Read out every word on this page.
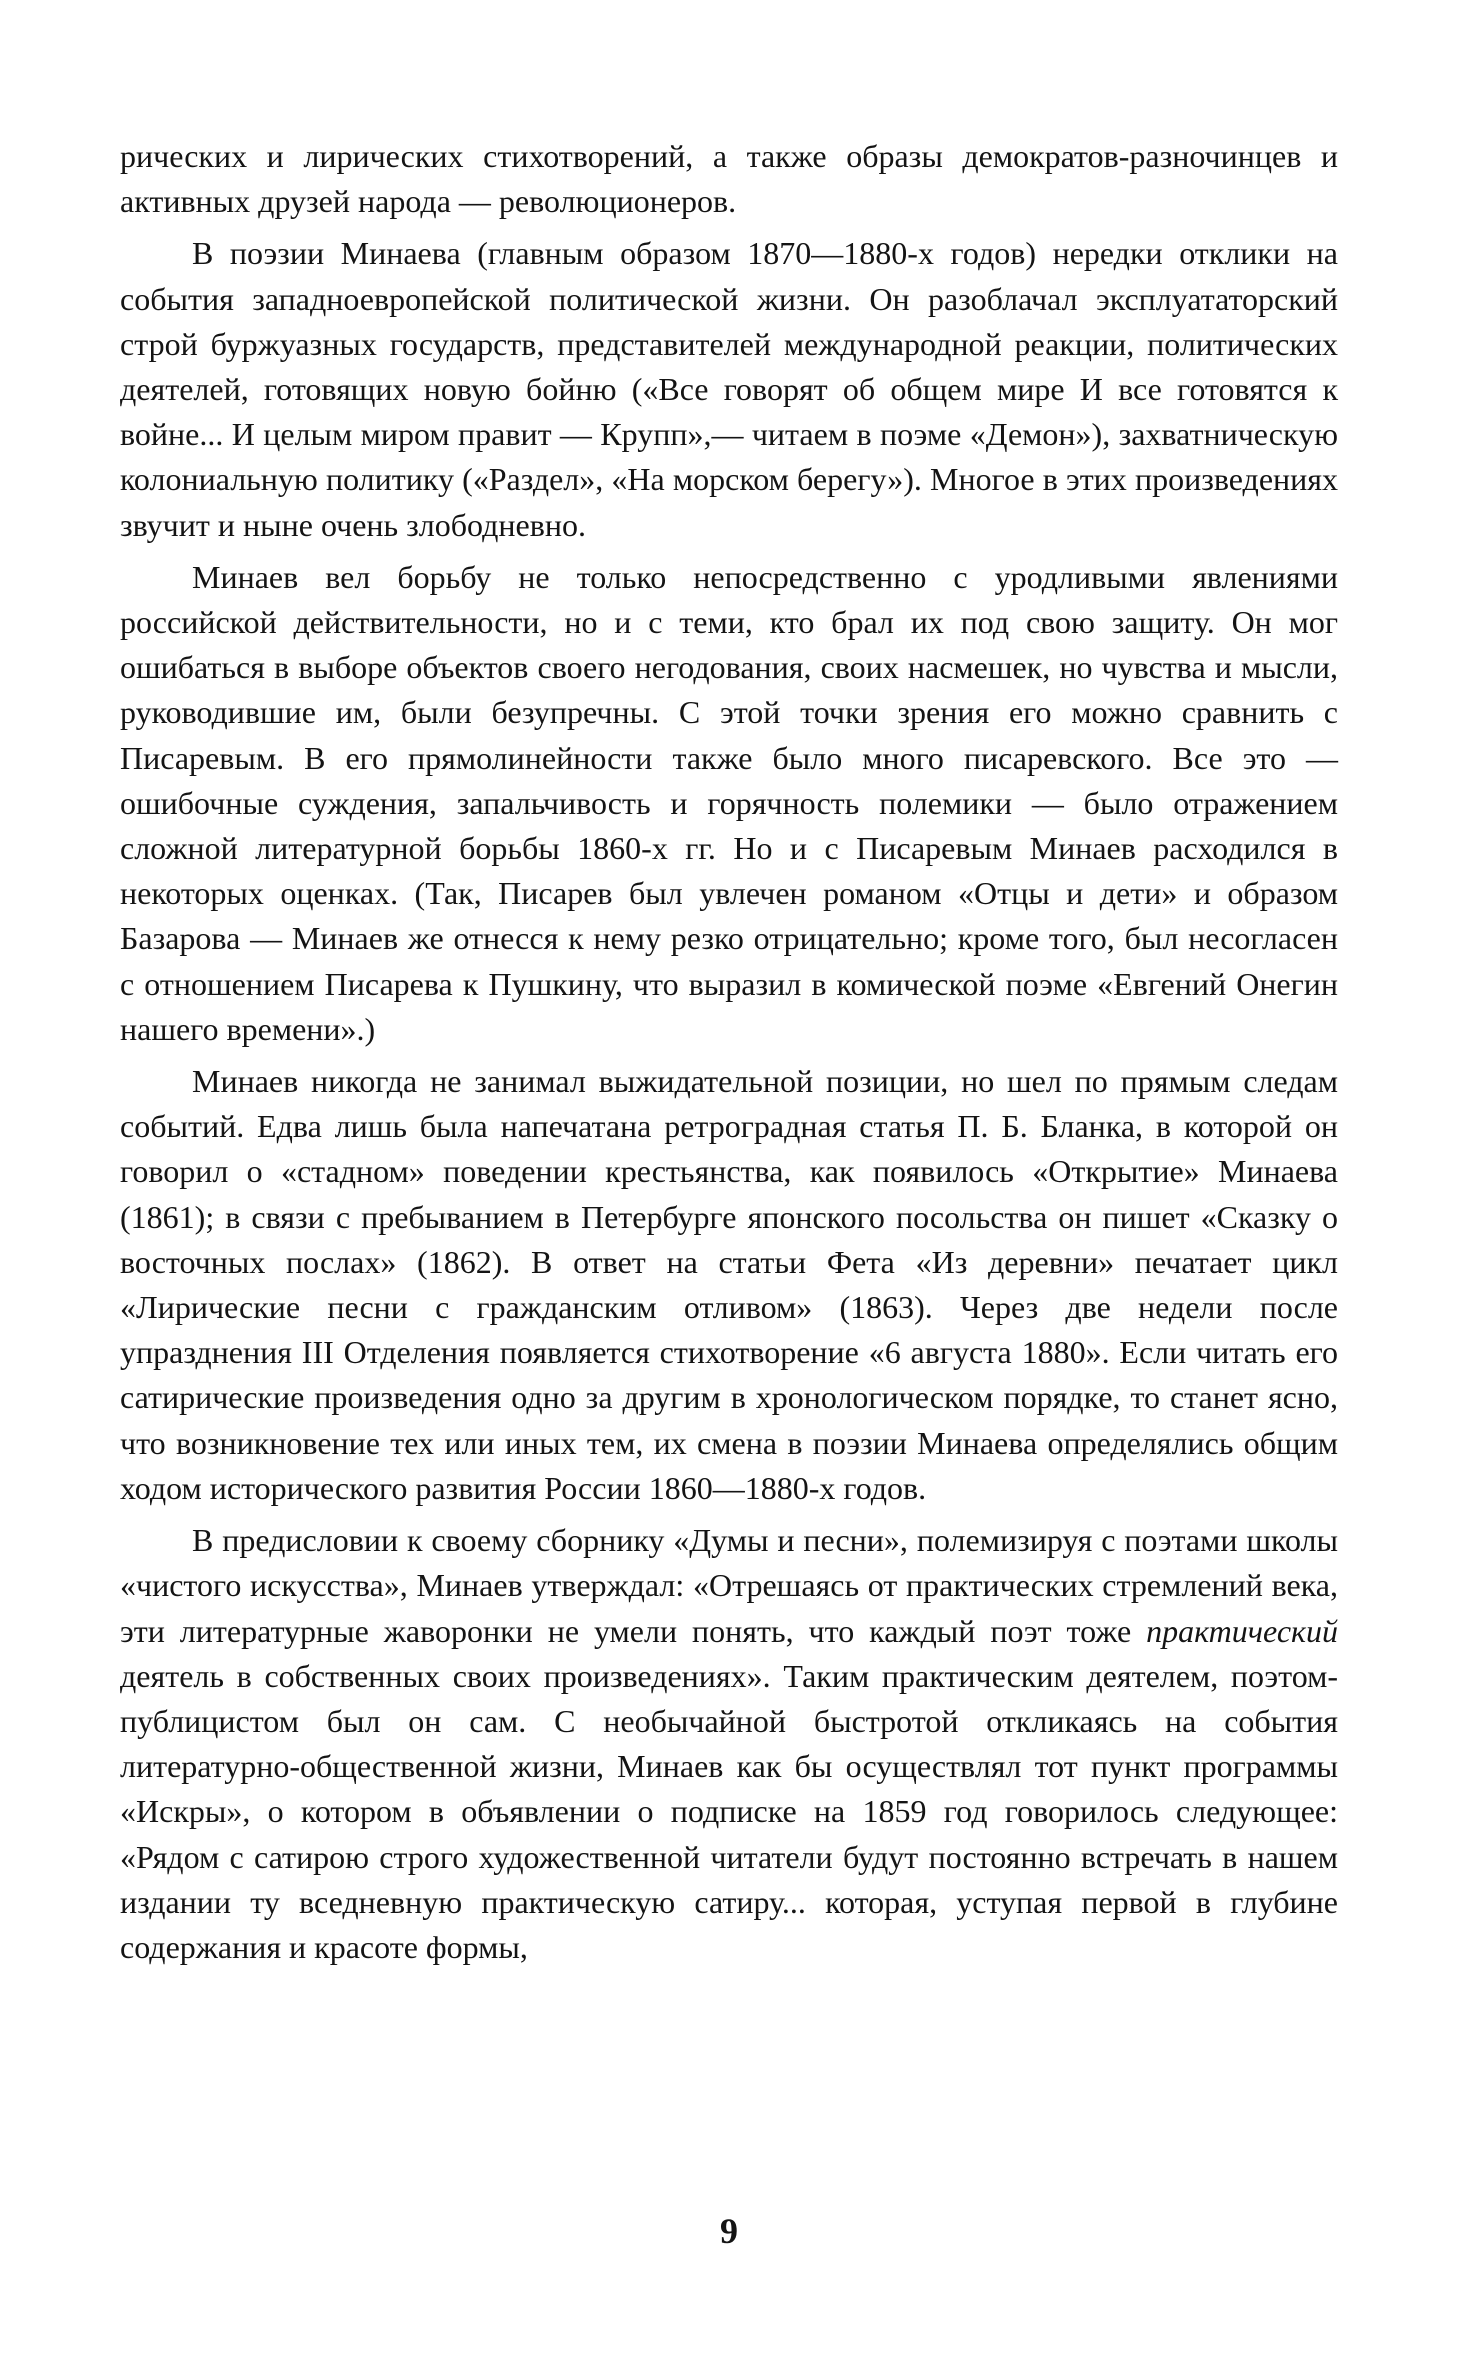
рических и лирических стихотворений, а также образы демократов-разночинцев и активных друзей народа — революционеров.

В поэзии Минаева (главным образом 1870—1880-х годов) нередки отклики на события западноевропейской политической жизни. Он разоблачал эксплуататорский строй буржуазных государств, представителей международной реакции, политических деятелей, готовящих новую бойню («Все говорят об общем мире И все готовятся к войне... И целым миром правит — Крупп»,— читаем в поэме «Демон»), захватническую колониальную политику («Раздел», «На морском берегу»). Многое в этих произведениях звучит и ныне очень злободневно.

Минаев вел борьбу не только непосредственно с уродливыми явлениями российской действительности, но и с теми, кто брал их под свою защиту. Он мог ошибаться в выборе объектов своего негодования, своих насмешек, но чувства и мысли, руководившие им, были безупречны. С этой точки зрения его можно сравнить с Писаревым. В его прямолинейности также было много писаревского. Все это — ошибочные суждения, запальчивость и горячность полемики — было отражением сложной литературной борьбы 1860-х гг. Но и с Писаревым Минаев расходился в некоторых оценках. (Так, Писарев был увлечен романом «Отцы и дети» и образом Базарова — Минаев же отнесся к нему резко отрицательно; кроме того, был несогласен с отношением Писарева к Пушкину, что выразил в комической поэме «Евгений Онегин нашего времени».)

Минаев никогда не занимал выжидательной позиции, но шел по прямым следам событий. Едва лишь была напечатана ретроградная статья П. Б. Бланка, в которой он говорил о «стадном» поведении крестьянства, как появилось «Открытие» Минаева (1861); в связи с пребыванием в Петербурге японского посольства он пишет «Сказку о восточных послах» (1862). В ответ на статьи Фета «Из деревни» печатает цикл «Лирические песни с гражданским отливом» (1863). Через две недели после упразднения III Отделения появляется стихотворение «6 августа 1880». Если читать его сатирические произведения одно за другим в хронологическом порядке, то станет ясно, что возникновение тех или иных тем, их смена в поэзии Минаева определялись общим ходом исторического развития России 1860—1880-х годов.

В предисловии к своему сборнику «Думы и песни», полемизируя с поэтами школы «чистого искусства», Минаев утверждал: «Отрешаясь от практических стремлений века, эти литературные жаворонки не умели понять, что каждый поэт тоже практический деятель в собственных своих произведениях». Таким практическим деятелем, поэтом-публицистом был он сам. С необычайной быстротой откликаясь на события литературно-общественной жизни, Минаев как бы осуществлял тот пункт программы «Искры», о котором в объявлении о подписке на 1859 год говорилось следующее: «Рядом с сатирою строго художественной читатели будут постоянно встречать в нашем издании ту вседневную практическую сатиру... которая, уступая первой в глубине содержания и красоте формы,

9
